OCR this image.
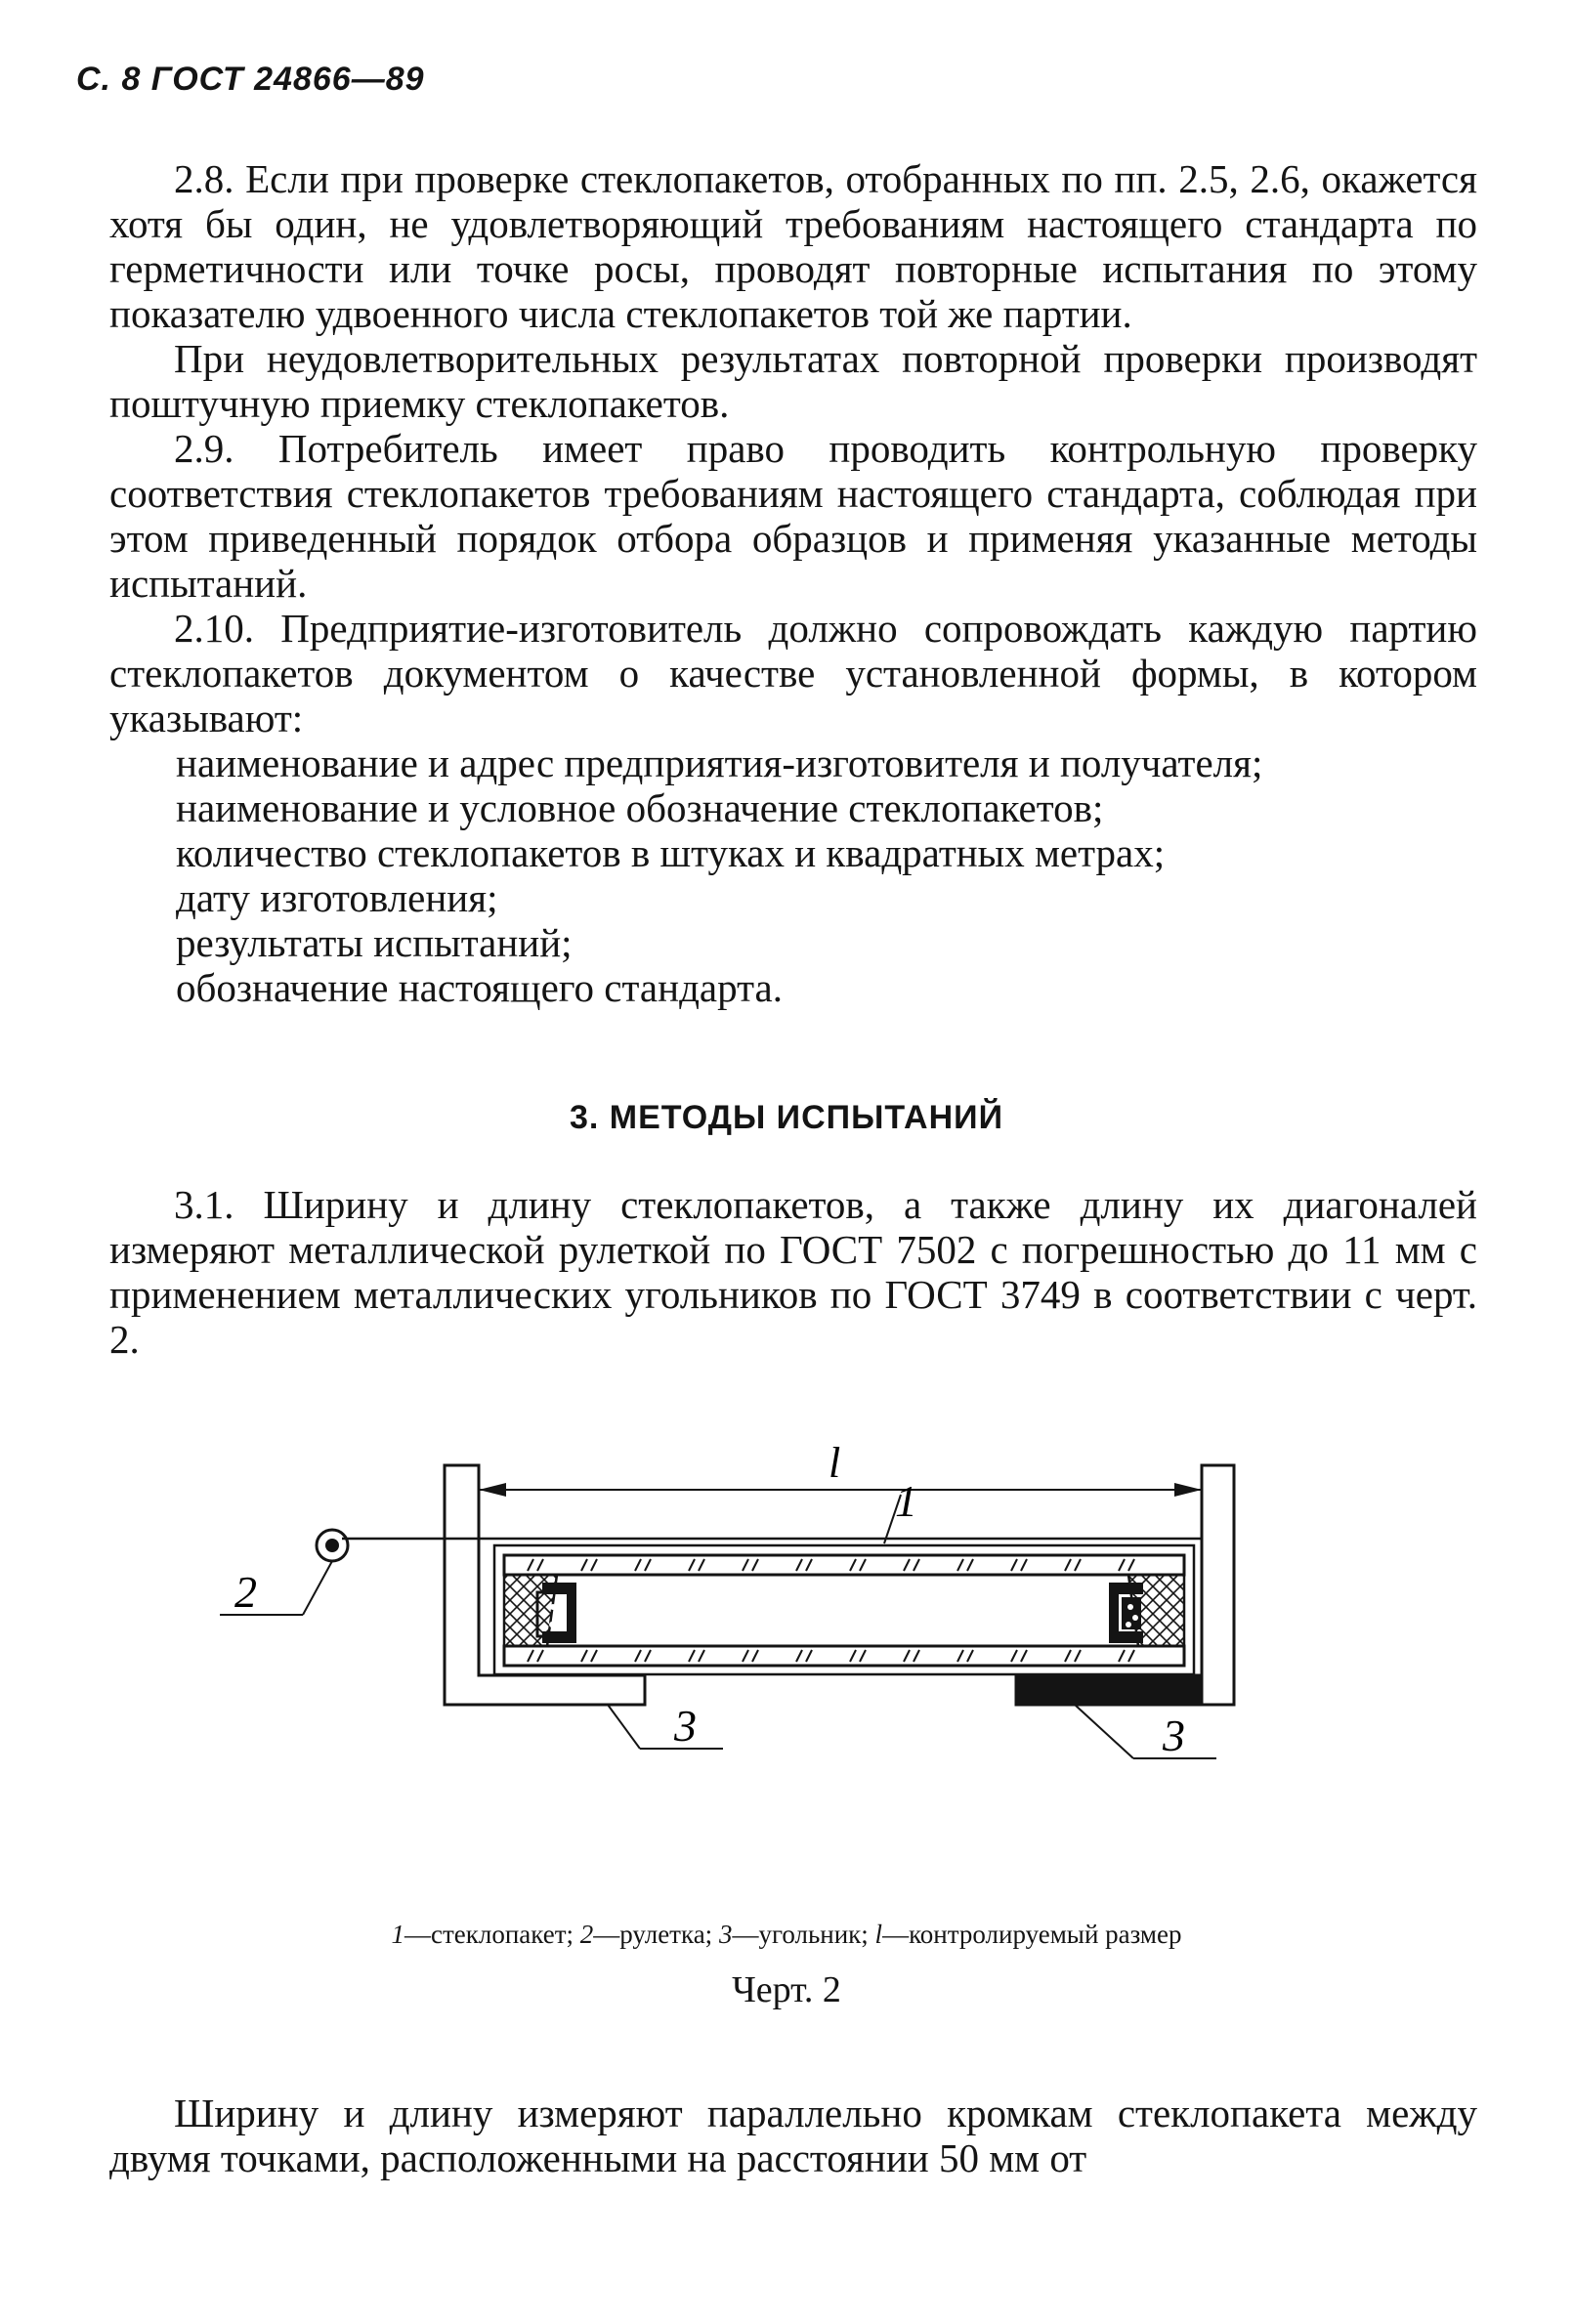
С. 8 ГОСТ 24866—89

2.8. Если при проверке стеклопакетов, отобранных по пп. 2.5, 2.6, окажется хотя бы один, не удовлетворяющий требованиям настоящего стандарта по герметичности или точке росы, проводят повторные испытания по этому показателю удвоенного числа стеклопакетов той же партии.

При неудовлетворительных результатах повторной проверки производят поштучную приемку стеклопакетов.

2.9. Потребитель имеет право проводить контрольную проверку соответствия стеклопакетов требованиям настоящего стандарта, соблюдая при этом приведенный порядок отбора образцов и применяя указанные методы испытаний.

2.10. Предприятие-изготовитель должно сопровождать каждую партию стеклопакетов документом о качестве установленной формы, в котором указывают:

наименование и адрес предприятия-изготовителя и получателя;
наименование и условное обозначение стеклопакетов;
количество стеклопакетов в штуках и квадратных метрах;
дату изготовления;
результаты испытаний;
обозначение настоящего стандарта.
3. МЕТОДЫ ИСПЫТАНИЙ

3.1. Ширину и длину стеклопакетов, а также длину их диагоналей измеряют металлической рулеткой по ГОСТ 7502 с погрешностью до 11 мм с применением металлических угольников по ГОСТ 3749 в соответствии с черт. 2.

l
2
1
3	3
1—стеклопакет; 2—рулетка; 3—угольник; l—контролируемый размер
Черт. 2

Ширину и длину измеряют параллельно кромкам стеклопакета между двумя точками, расположенными на расстоянии 50 мм от
